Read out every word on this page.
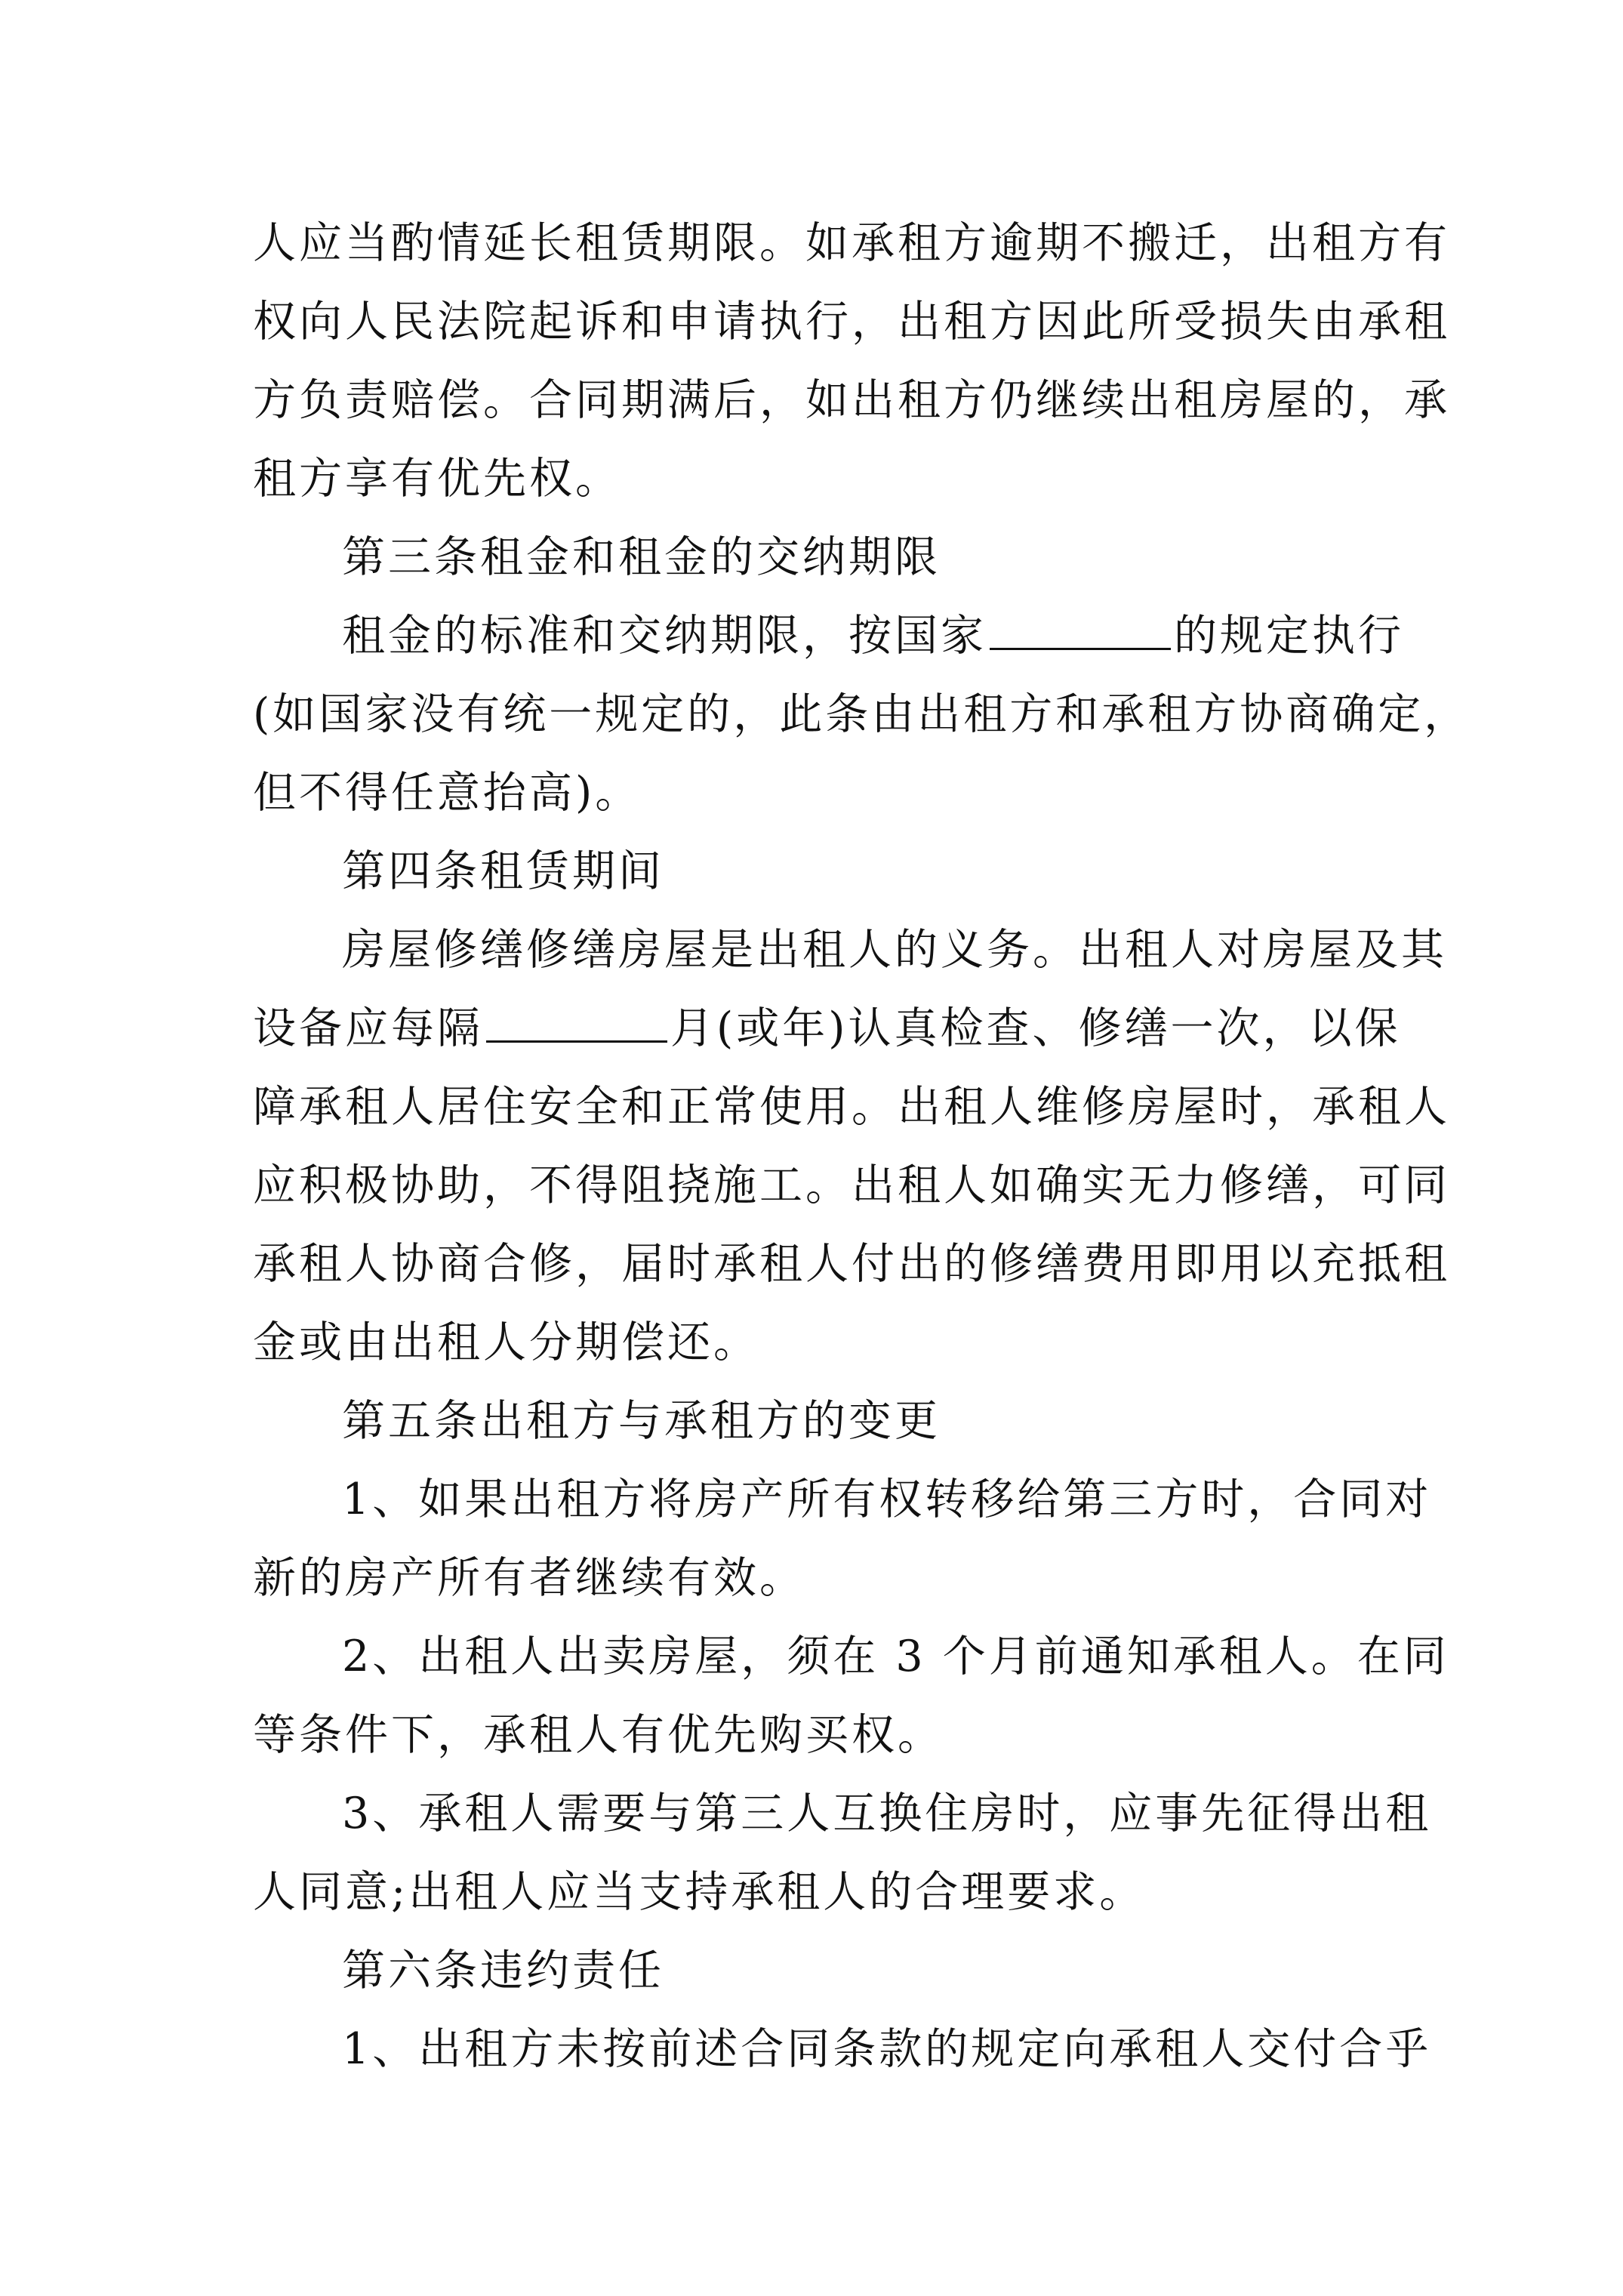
人应当酌情延长租赁期限。如承租方逾期不搬迁，出租方有
权向人民法院起诉和申请执行，出租方因此所受损失由承租
方负责赔偿。合同期满后，如出租方仍继续出租房屋的，承
租方享有优先权。
第三条租金和租金的交纳期限
租金的标准和交纳期限，按国家	的规定执行
(如国家没有统一规定的，此条由出租方和承租方协商确定，
但不得任意抬高)。
第四条租赁期间
房屋修缮修缮房屋是出租人的义务。出租人对房屋及其
设备应每隔	月(或年)认真检查、修缮一次，以保
障承租人居住安全和正常使用。出租人维修房屋时，承租人
应积极协助，不得阻挠施工。出租人如确实无力修缮，可同
承租人协商合修，届时承租人付出的修缮费用即用以充抵租
金或由出租人分期偿还。
第五条出租方与承租方的变更
1、如果出租方将房产所有权转移给第三方时，合同对
新的房产所有者继续有效。
2、出租人出卖房屋，须在 3 个月前通知承租人。在同
等条件下，承租人有优先购买权。
3、承租人需要与第三人互换住房时，应事先征得出租
人同意;出租人应当支持承租人的合理要求。
第六条违约责任
1、出租方未按前述合同条款的规定向承租人交付合乎
